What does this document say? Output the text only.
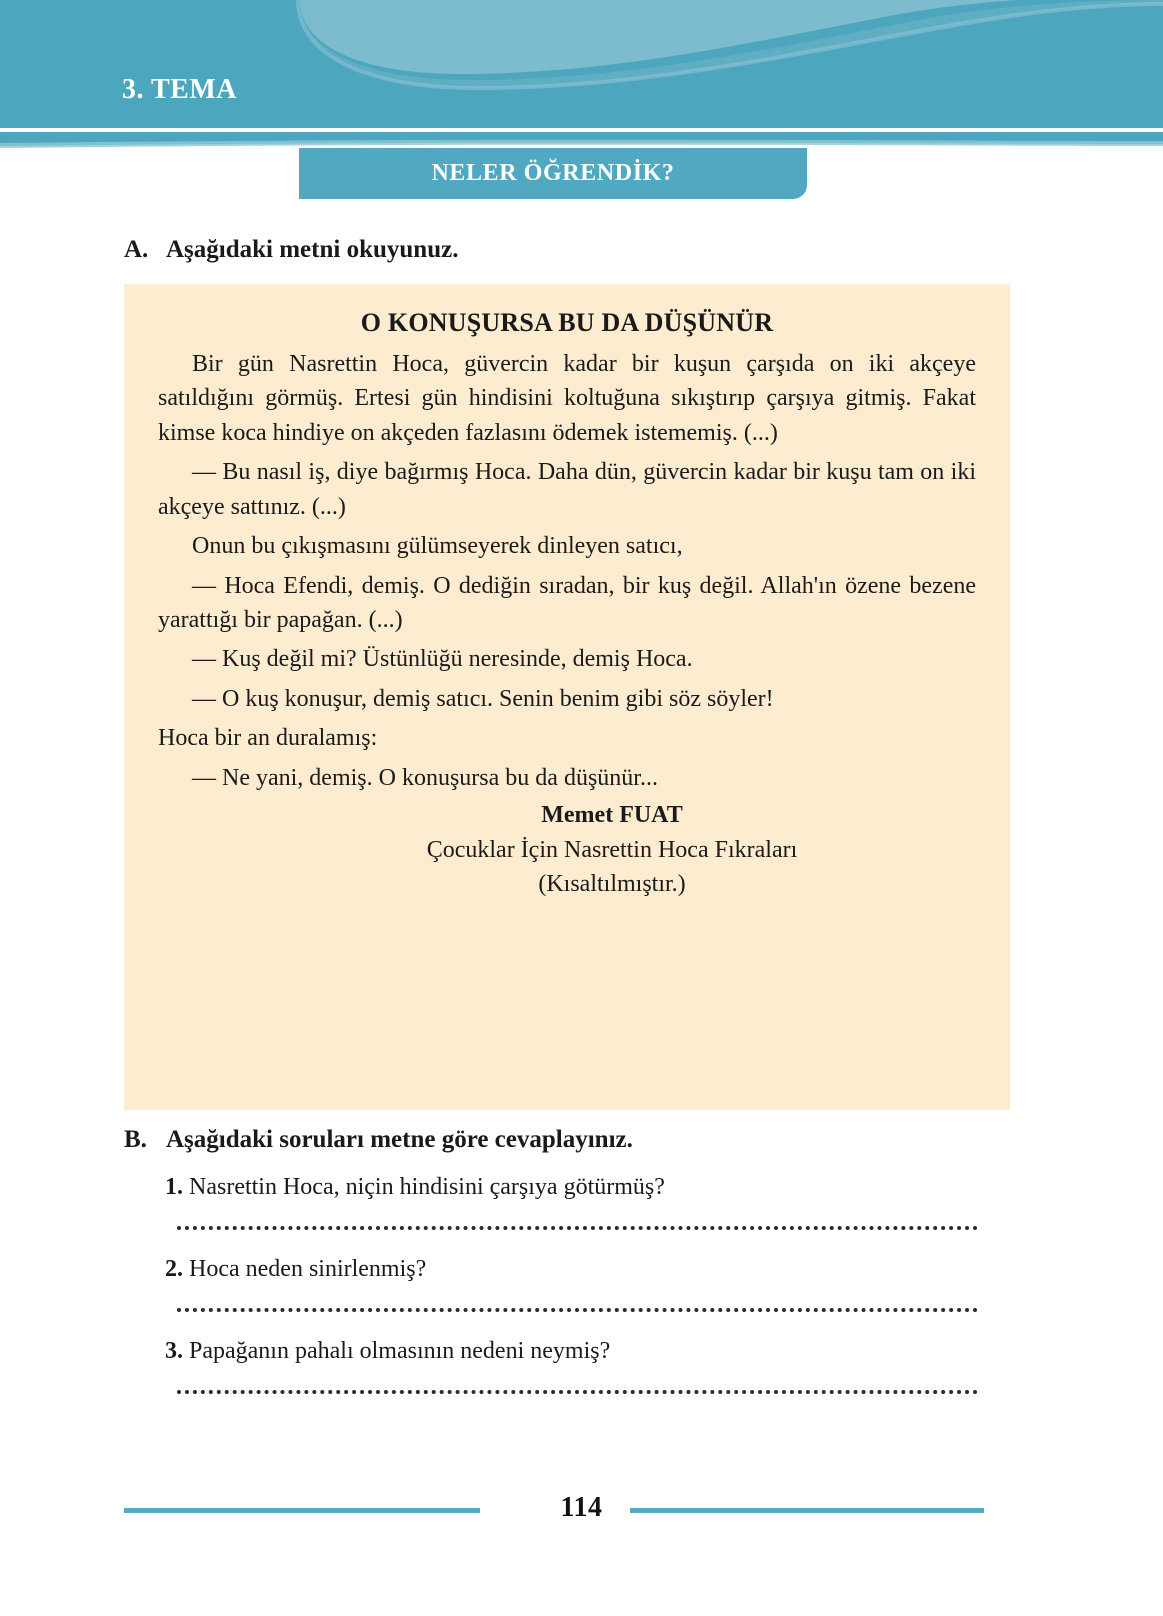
3. TEMA
NELER ÖĞRENDİK?
A. Aşağıdaki metni okuyunuz.
O KONUŞURSA BU DA DÜŞÜNÜR

Bir gün Nasrettin Hoca, güvercin kadar bir kuşun çarşıda on iki akçeye satıldığını görmüş. Ertesi gün hindisini koltuğuna sıkıştırıp çarşıya gitmiş. Fakat kimse koca hindiye on akçeden fazlasını ödemek istememiş. (...)

— Bu nasıl iş, diye bağırmış Hoca. Daha dün, güvercin kadar bir kuşu tam on iki akçeye sattınız. (...)

Onun bu çıkışmasını gülümseyerek dinleyen satıcı,

— Hoca Efendi, demiş. O dediğin sıradan, bir kuş değil. Allah'ın özene bezene yarattığı bir papağan. (...)

— Kuş değil mi? Üstünlüğü neresinde, demiş Hoca.

— O kuş konuşur, demiş satıcı. Senin benim gibi söz söyler!

Hoca bir an duralamış:

— Ne yani, demiş. O konuşursa bu da düşünür...

Memet FUAT
Çocuklar İçin Nasrettin Hoca Fıkraları
(Kısaltılmıştır.)
B. Aşağıdaki soruları metne göre cevaplayınız.
1. Nasrettin Hoca, niçin hindisini çarşıya götürmüş?
2. Hoca neden sinirlenmiş?
3. Papağanın pahalı olmasının nedeni neymiş?
114
